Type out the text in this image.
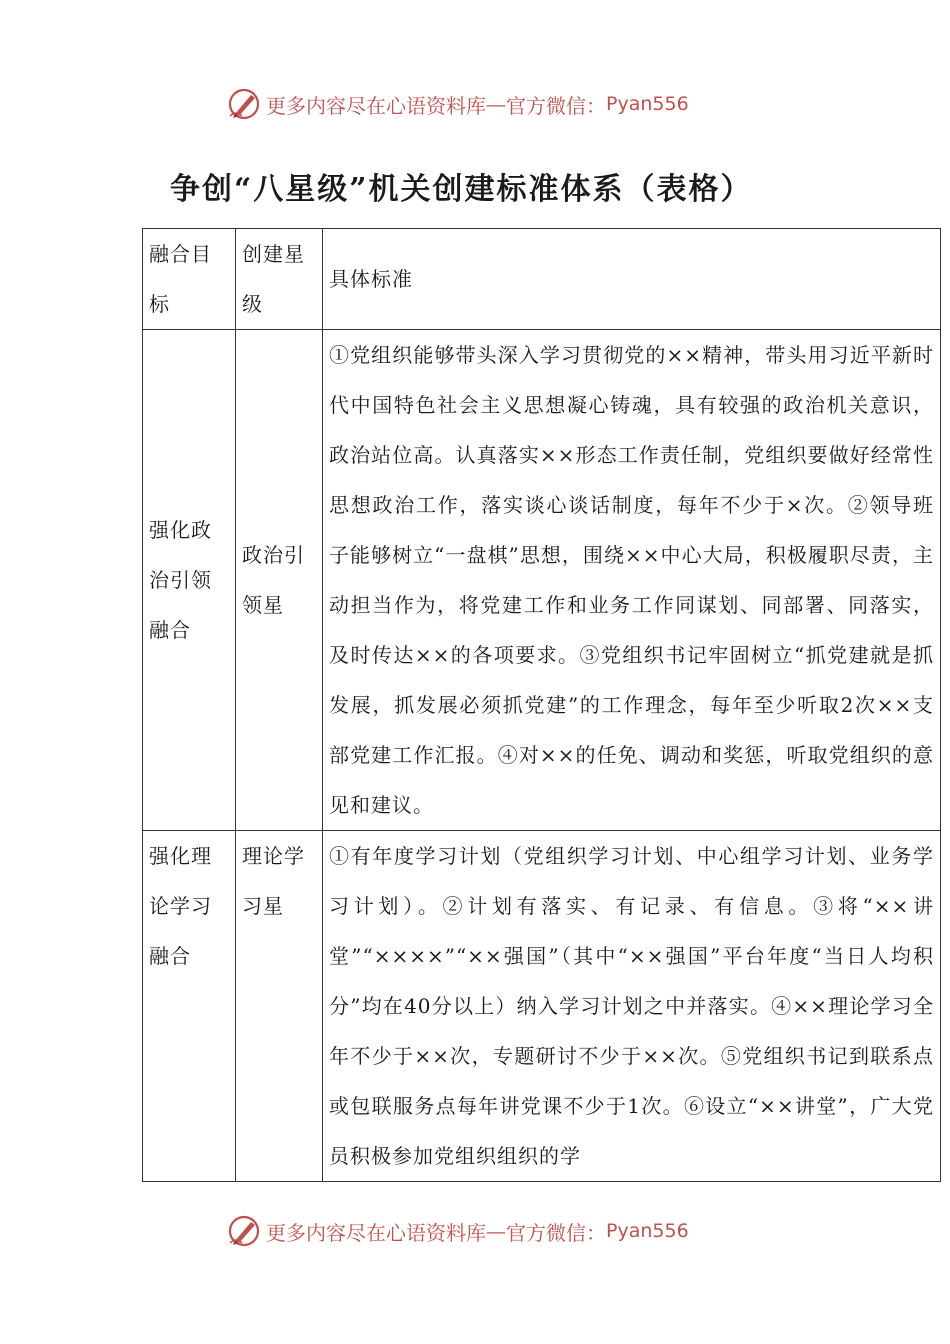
更多内容尽在心语资料库 — 官方微信： Pyan556
争创“八星级”机关创建标准体系（表格）
融合目标	创建星级	具体标准
强化政治引领融合	政治引领星	①党组织能够带头深入学习贯彻党的××精神，带头用习近平新时代中国特色社会主义思想凝心铸魂，具有较强的政治机关意识，政治站位高。认真落实××形态工作责任制，党组织要做好经常性思想政治工作，落实谈心谈话制度，每年不少于×次。②领导班子能够树立“一盘棋”思想，围绕××中心大局，积极履职尽责，主动担当作为，将党建工作和业务工作同谋划、同部署、同落实，及时传达××的各项要求。③党组织书记牢固树立“抓党建就是抓发展，抓发展必须抓党建”的工作理念，每年至少听取2次××支部党建工作汇报。④对××的任免、调动和奖惩，听取党组织的意见和建议。
强化理论学习融合	理论学习星	①有年度学习计划（党组织学习计划、中心组学习计划、业务学习计划）。②计划有落实、有记录、有信息。③将“××讲堂”“××××”“××强国”（其中“××强国”平台年度“当日人均积分”均在40分以上）纳入学习计划之中并落实。④××理论学习全年不少于××次，专题研讨不少于××次。⑤党组织书记到联系点或包联服务点每年讲党课不少于1次。⑥设立“××讲堂”，广大党员积极参加党组织组织的学
更多内容尽在心语资料库 — 官方微信： Pyan556
